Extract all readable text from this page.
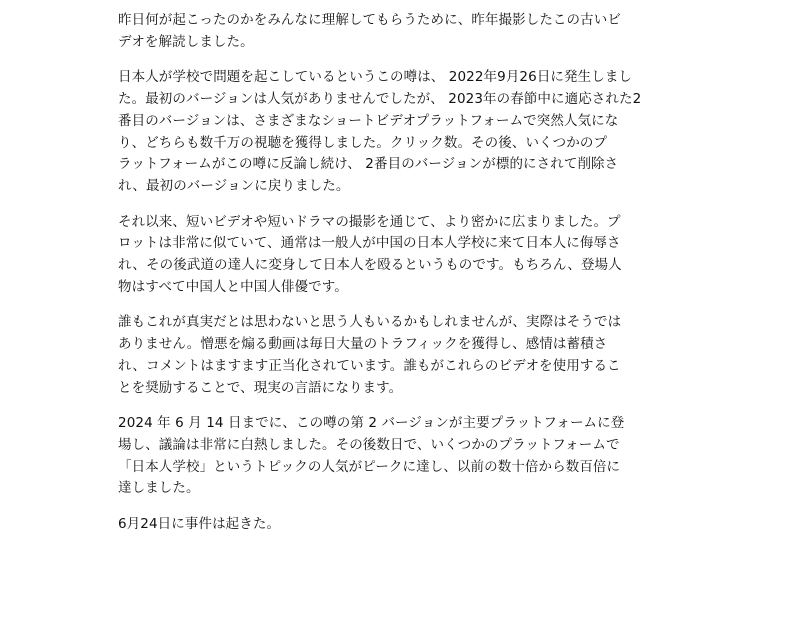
昨日何が起こったのかをみんなに理解してもらうために、昨年撮影したこの古いビ
デオを解読しました。

日本人が学校で問題を起こしているというこの噂は、 2022年9月26日に発生しまし
た。最初のバージョンは人気がありませんでしたが、 2023年の春節中に適応された2
番目のバージョンは、さまざまなショートビデオプラットフォームで突然人気にな
り、どちらも数千万の視聴を獲得しました。クリック数。その後、いくつかのプ
ラットフォームがこの噂に反論し続け、 2番目のバージョンが標的にされて削除さ
れ、最初のバージョンに戻りました。

それ以来、短いビデオや短いドラマの撮影を通じて、より密かに広まりました。プ
ロットは非常に似ていて、通常は一般人が中国の日本人学校に来て日本人に侮辱さ
れ、その後武道の達人に変身して日本人を殴るというものです。もちろん、登場人
物はすべて中国人と中国人俳優です。

誰もこれが真実だとは思わないと思う人もいるかもしれませんが、実際はそうでは
ありません。憎悪を煽る動画は毎日大量のトラフィックを獲得し、感情は蓄積さ
れ、コメントはますます正当化されています。誰もがこれらのビデオを使用するこ
とを奨励することで、現実の言語になります。

2024 年 6 月 14 日までに、この噂の第 2 バージョンが主要プラットフォームに登
場し、議論は非常に白熱しました。その後数日で、いくつかのプラットフォームで
「日本人学校」というトピックの人気がピークに達し、以前の数十倍から数百倍に
達しました。

6月24日に事件は起きた。
